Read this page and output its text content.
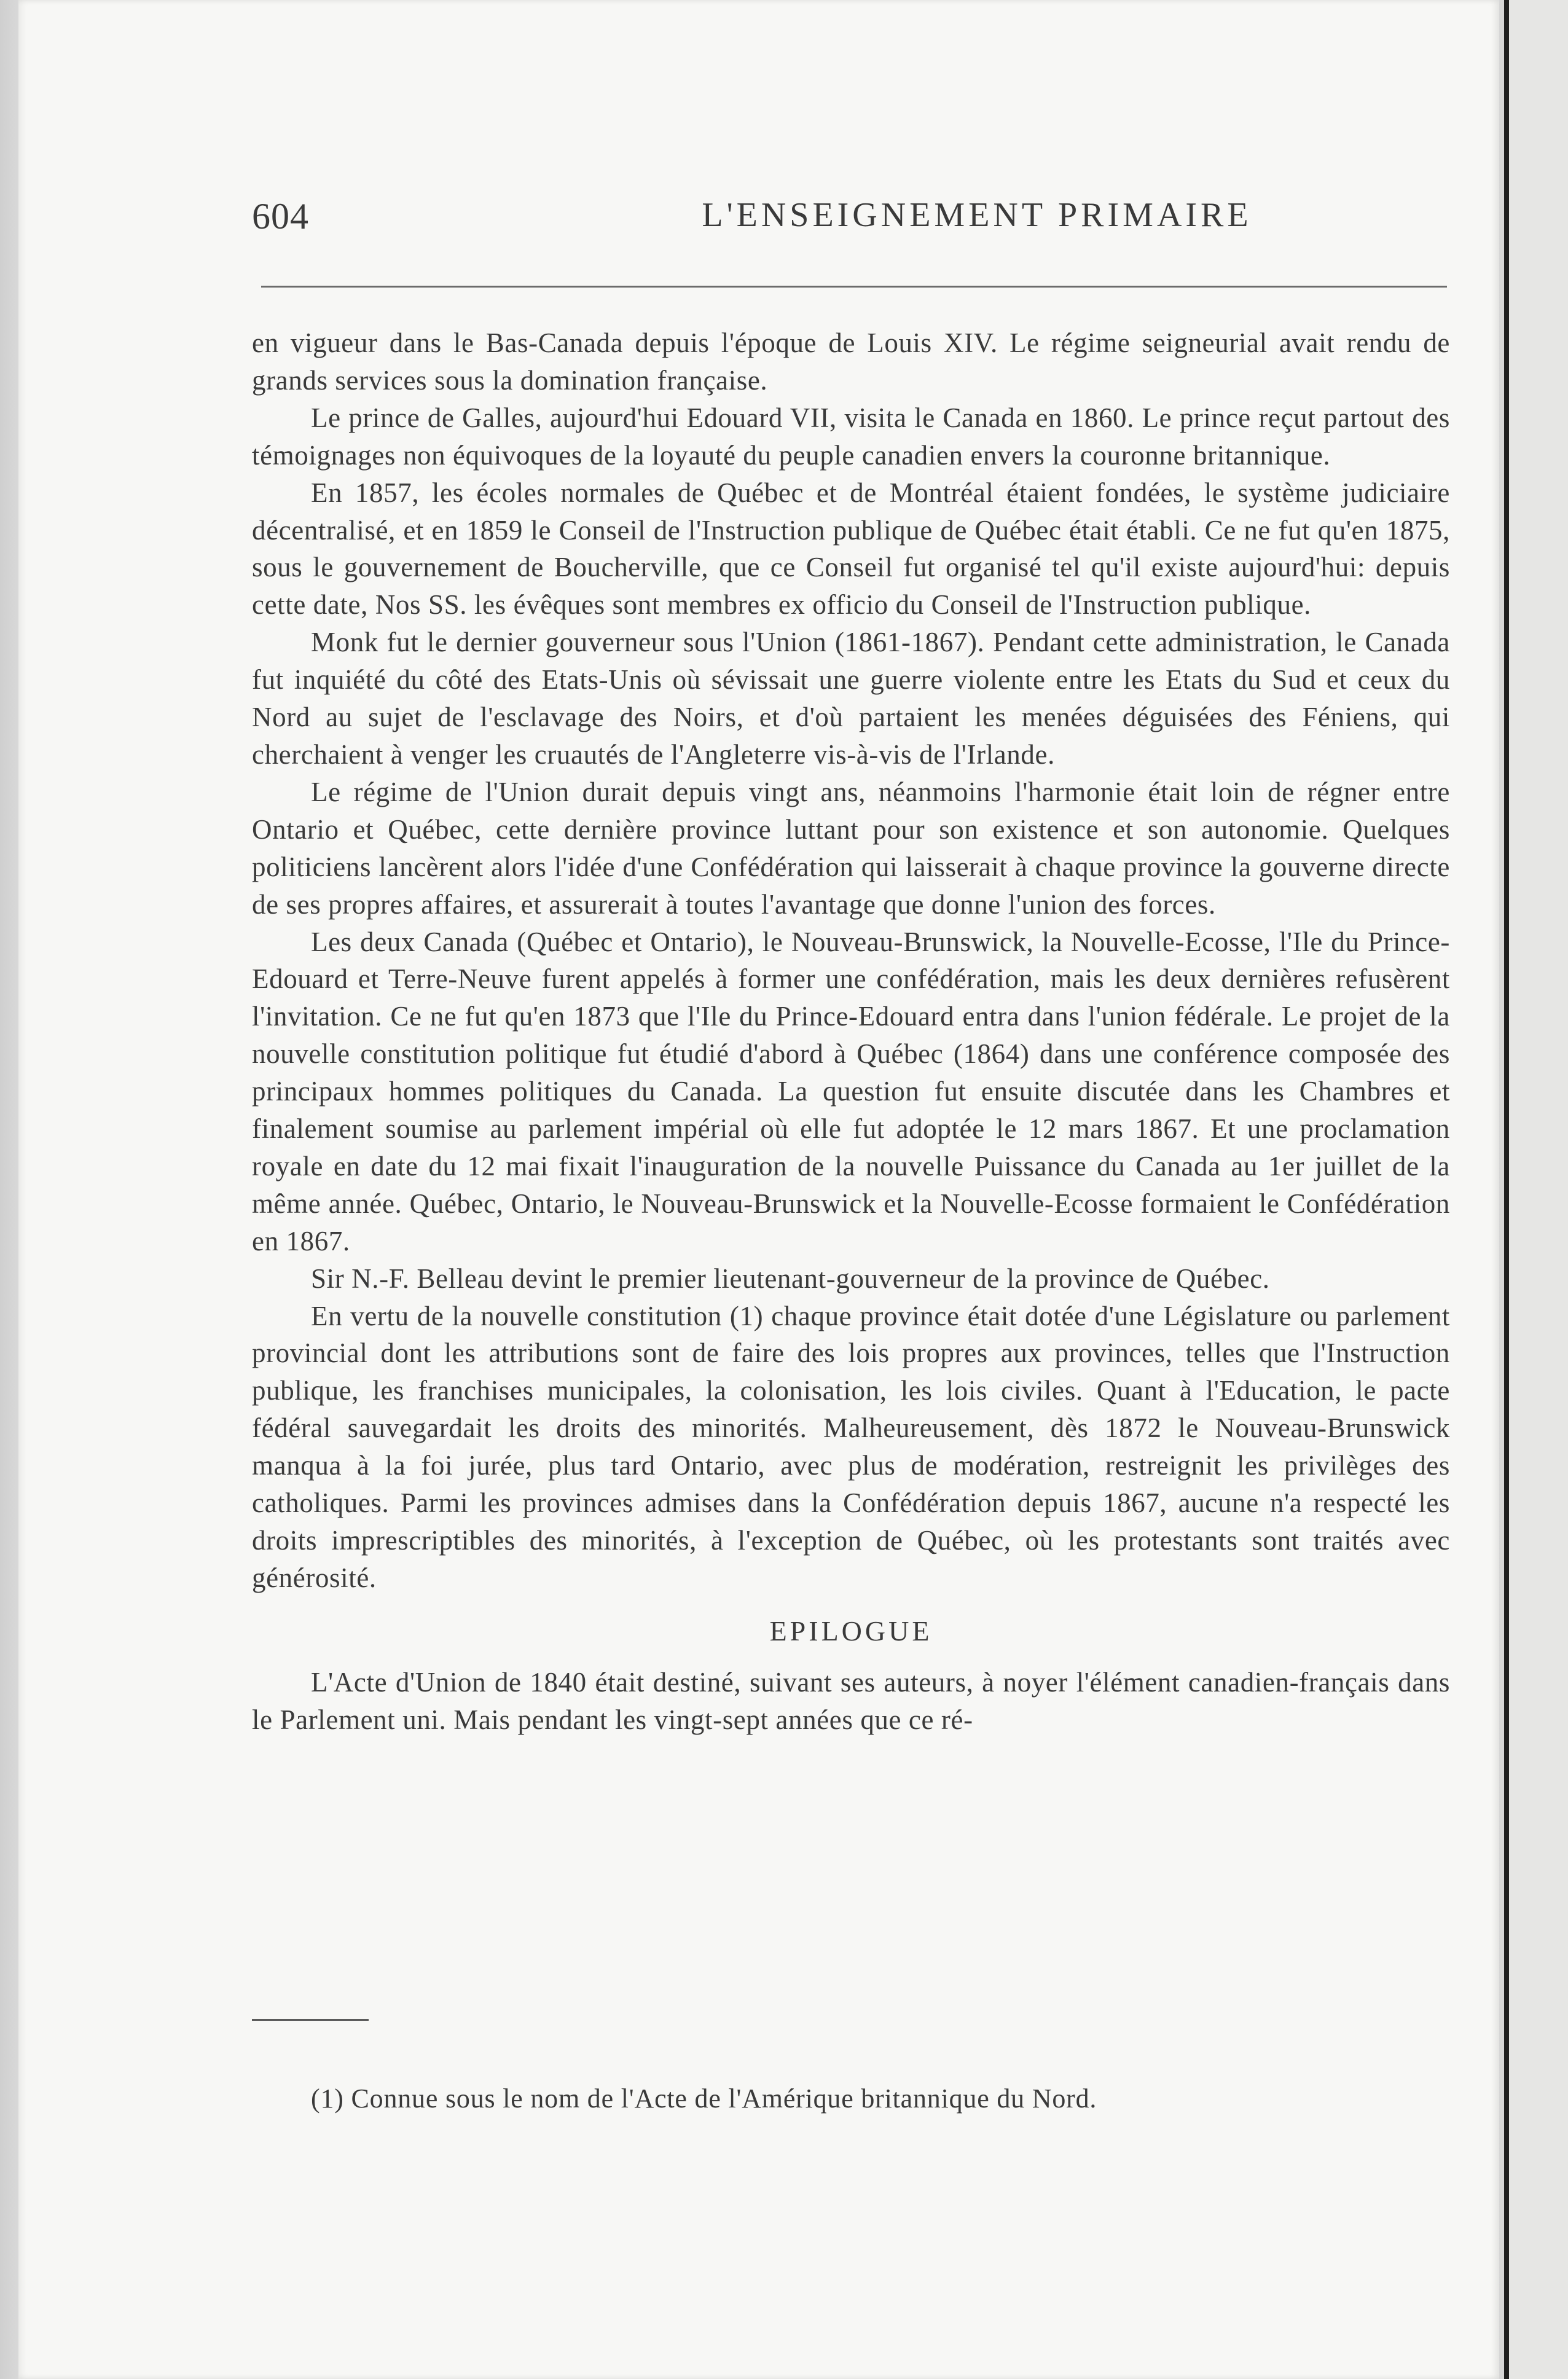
604	L'ENSEIGNEMENT PRIMAIRE

en vigueur dans le Bas-Canada depuis l'époque de Louis XIV. Le régime seigneurial avait rendu de grands services sous la domination française.

Le prince de Galles, aujourd'hui Edouard VII, visita le Canada en 1860. Le prince reçut partout des témoignages non équivoques de la loyauté du peuple canadien envers la couronne britannique.

En 1857, les écoles normales de Québec et de Montréal étaient fondées, le système judiciaire décentralisé, et en 1859 le Conseil de l'Instruction publique de Québec était établi. Ce ne fut qu'en 1875, sous le gouvernement de Boucherville, que ce Conseil fut organisé tel qu'il existe aujourd'hui: depuis cette date, Nos SS. les évêques sont membres ex officio du Conseil de l'Instruction publique.

Monk fut le dernier gouverneur sous l'Union (1861-1867). Pendant cette administration, le Canada fut inquiété du côté des Etats-Unis où sévissait une guerre violente entre les Etats du Sud et ceux du Nord au sujet de l'esclavage des Noirs, et d'où partaient les menées déguisées des Féniens, qui cherchaient à venger les cruautés de l'Angleterre vis-à-vis de l'Irlande.

Le régime de l'Union durait depuis vingt ans, néanmoins l'harmonie était loin de régner entre Ontario et Québec, cette dernière province luttant pour son existence et son autonomie. Quelques politiciens lancèrent alors l'idée d'une Confédération qui laisserait à chaque province la gouverne directe de ses propres affaires, et assurerait à toutes l'avantage que donne l'union des forces.

Les deux Canada (Québec et Ontario), le Nouveau-Brunswick, la Nouvelle-Ecosse, l'Ile du Prince-Edouard et Terre-Neuve furent appelés à former une confédération, mais les deux dernières refusèrent l'invitation. Ce ne fut qu'en 1873 que l'Ile du Prince-Edouard entra dans l'union fédérale. Le projet de la nouvelle constitution politique fut étudié d'abord à Québec (1864) dans une conférence composée des principaux hommes politiques du Canada. La question fut ensuite discutée dans les Chambres et finalement soumise au parlement impérial où elle fut adoptée le 12 mars 1867. Et une proclamation royale en date du 12 mai fixait l'inauguration de la nouvelle Puissance du Canada au 1er juillet de la même année. Québec, Ontario, le Nouveau-Brunswick et la Nouvelle-Ecosse formaient le Confédération en 1867.

Sir N.-F. Belleau devint le premier lieutenant-gouverneur de la province de Québec.

En vertu de la nouvelle constitution (1) chaque province était dotée d'une Législature ou parlement provincial dont les attributions sont de faire des lois propres aux provinces, telles que l'Instruction publique, les franchises municipales, la colonisation, les lois civiles. Quant à l'Education, le pacte fédéral sauvegardait les droits des minorités. Malheureusement, dès 1872 le Nouveau-Brunswick manqua à la foi jurée, plus tard Ontario, avec plus de modération, restreignit les privilèges des catholiques. Parmi les provinces admises dans la Confédération depuis 1867, aucune n'a respecté les droits imprescriptibles des minorités, à l'exception de Québec, où les protestants sont traités avec générosité.

EPILOGUE

L'Acte d'Union de 1840 était destiné, suivant ses auteurs, à noyer l'élément canadien-français dans le Parlement uni. Mais pendant les vingt-sept années que ce ré-

(1) Connue sous le nom de l'Acte de l'Amérique britannique du Nord.
